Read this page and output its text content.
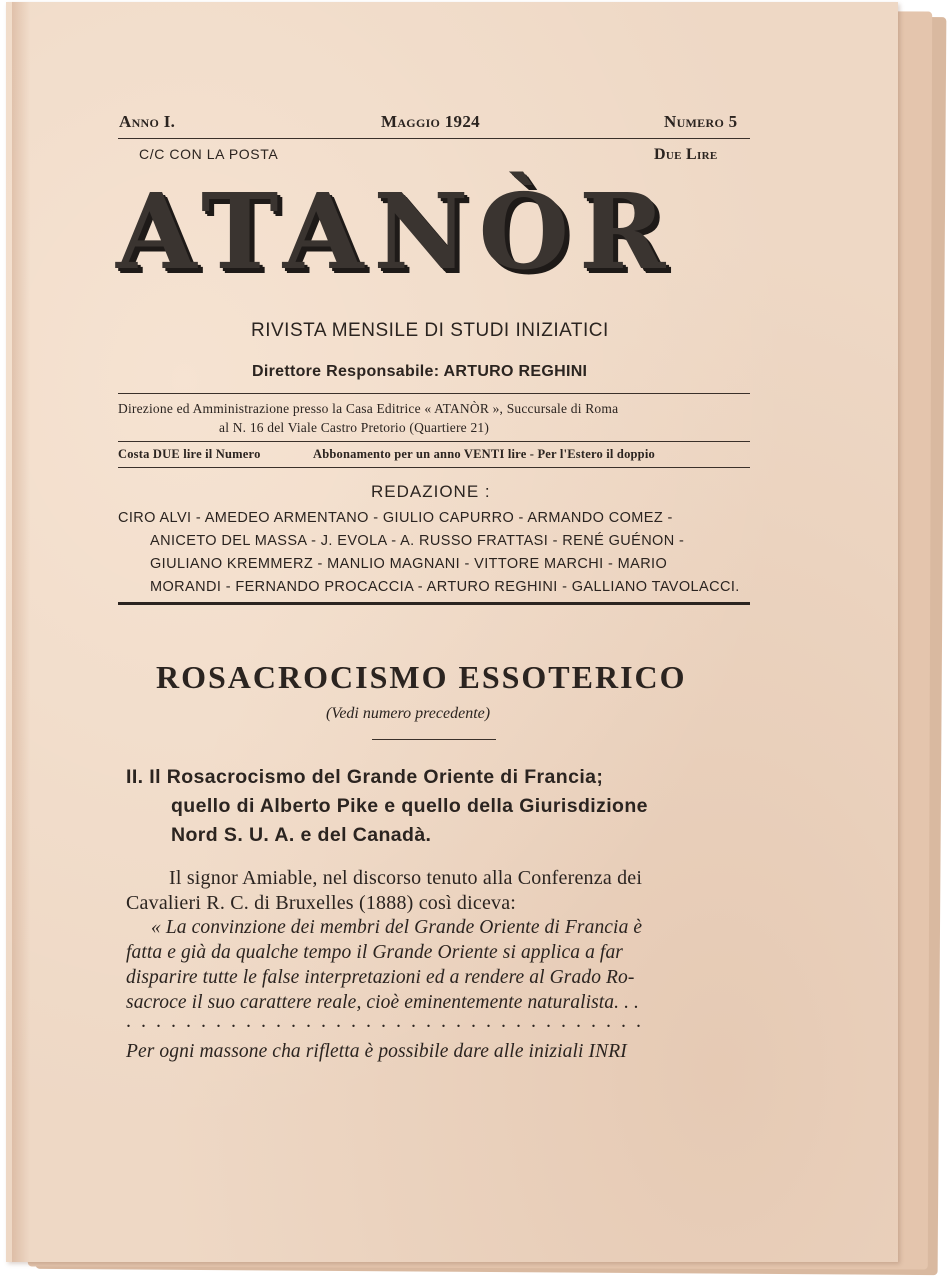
Anno I.	Maggio 1924	Numero 5
C/C CON LA POSTA	Due Lire
ATANÒR
RIVISTA MENSILE DI STUDI INIZIATICI
Direttore Responsabile: ARTURO REGHINI
Direzione ed Amministrazione presso la Casa Editrice « ATANÒR », Succursale di Roma
al N. 16 del Viale Castro Pretorio (Quartiere 21)
Costa DUE lire il Numero	Abbonamento per un anno VENTI lire - Per l'Estero il doppio
REDAZIONE :
CIRO ALVI - AMEDEO ARMENTANO - GIULIO CAPURRO - ARMANDO COMEZ -
ANICETO DEL MASSA - J. EVOLA - A. RUSSO FRATTASI - RENÉ GUÉNON -
GIULIANO KREMMERZ - MANLIO MAGNANI - VITTORE MARCHI - MARIO
MORANDI - FERNANDO PROCACCIA - ARTURO REGHINI - GALLIANO TAVOLACCI.
ROSACROCISMO ESSOTERICO
(Vedi numero precedente)
II. Il Rosacrocismo del Grande Oriente di Francia;
quello di Alberto Pike e quello della Giurisdizione
Nord S. U. A. e del Canadà.
Il signor Amiable, nel discorso tenuto alla Conferenza dei
Cavalieri R. C. di Bruxelles (1888) così diceva:
« La convinzione dei membri del Grande Oriente di Francia è
fatta e già da qualche tempo il Grande Oriente si applica a far
disparire tutte le false interpretazioni ed a rendere al Grado Ro-
sacroce il suo carattere reale, cioè eminentemente naturalista. . .
. . . . . . . . . . . . . . . . . . . . . . . . . . . . . . . . . . .
Per ogni massone cha rifletta è possibile dare alle iniziali INRI
